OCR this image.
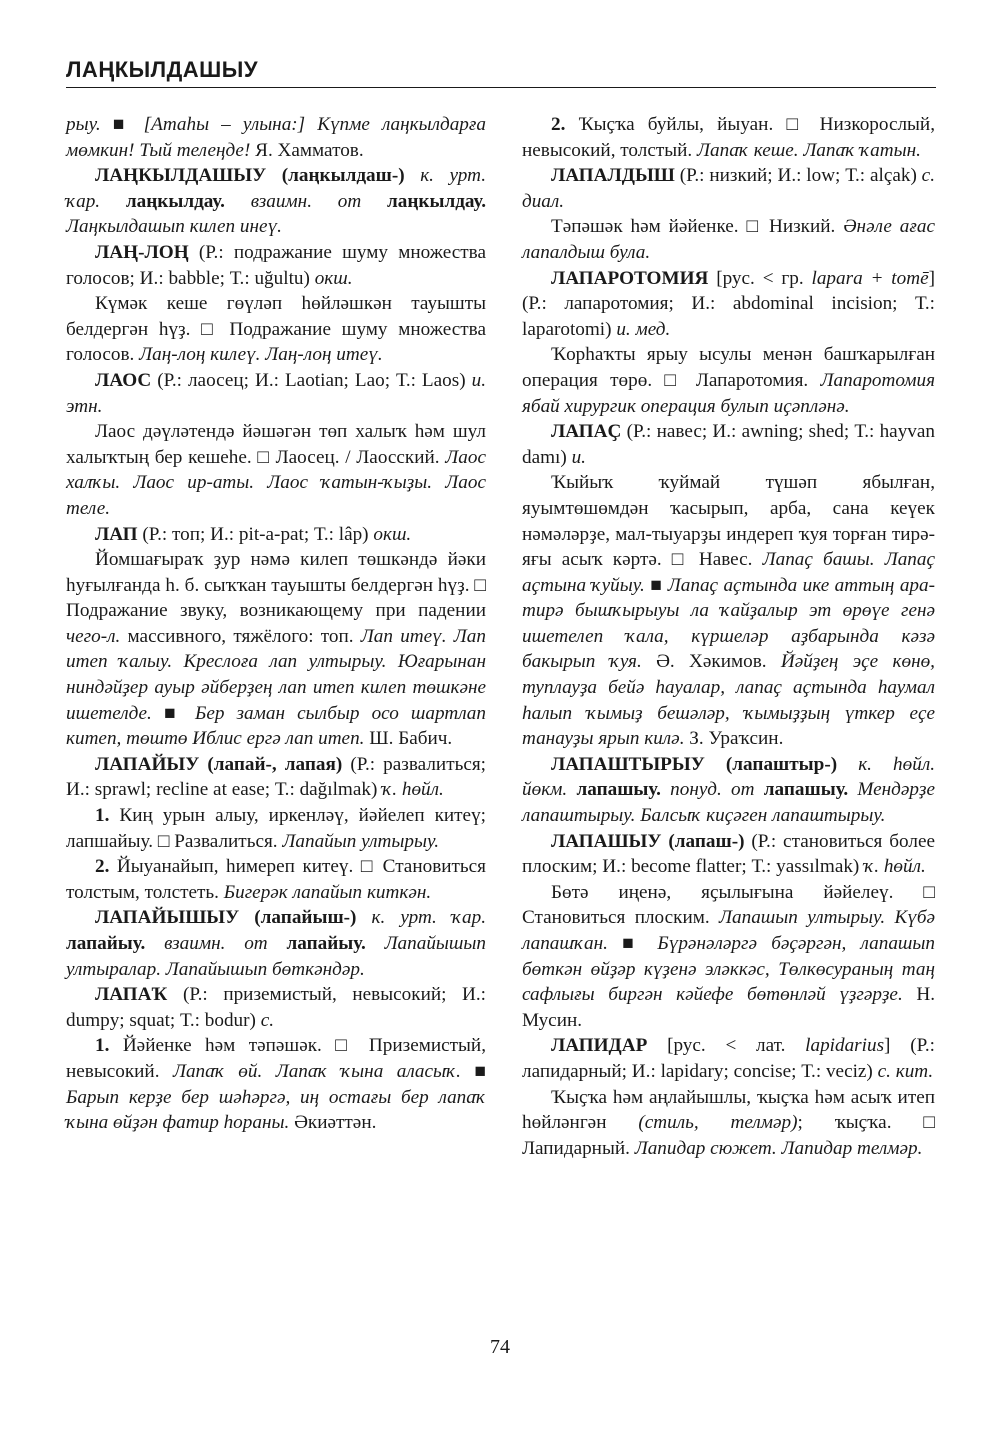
ЛАҢКЫЛДАШЫУ

рыу. ■ [Атаһы – улына:] Күпме лаңкылдарға мөмкин! Тый телеңде! Я. Хамматов.

ЛАҢКЫЛДАШЫУ (лаңкылдаш-) к. урт. ҡар. лаңкылдау. взаимн. от лаңкылдау. Лаңкылдашып килеп инеү.

ЛАҢ-ЛОҢ (Р.: подражание шуму множества голосов; И.: babble; Т.: uğultu) окш.

Күмәк кеше гөүләп һөйләшкән тауышты белдергән һүҙ. □ Подражание шуму множества голосов. Лаң-лоң килеү. Лаң-лоң итеү.

ЛАОС (Р.: лаосец; И.: Laotian; Lao; Т.: Laos) и. этн.

Лаос дәүләтендә йәшәгән төп халыҡ һәм шул халыҡтың бер кешеһе. □ Лаосец. / Лаосский. Лаос халҡы. Лаос ир-аты. Лаос ҡатын-ҡыҙы. Лаос теле.

ЛАП (Р.: топ; И.: pit-a-pat; Т.: lâp) окш.

Йомшағыраҡ ҙур нәмә килеп төшкәндә йәки һуғылғанда һ. б. сыҡҡан тауышты белдергән һүҙ. □ Подражание звуку, возникающему при падении чего-л. массивного, тяжёлого: топ. Лап итеү. Лап итеп ҡалыу. Креслоға лап ултырыу. Юғарынан ниндәйҙер ауыр әйберҙең лап итеп килеп төшкәне ишетелде. ■ Бер заман сылбыр осо шартлап китеп, төштө Иблис ергә лап итеп. Ш. Бабич.

ЛАПАЙЫУ (лапай-, лапая) (Р.: развалиться; И.: sprawl; recline at ease; Т.: dağılmak) ҡ. һөйл.

1. Киң урын алыу, иркенләү, йәйелеп китеү; лапшайыу. □ Развалиться. Лапайып ултырыу.

2. Йыуанайып, һимереп китеү. □ Становиться толстым, толстеть. Бигерәк лапайып киткән.

ЛАПАЙЫШЫУ (лапайыш-) к. урт. ҡар. лапайыу. взаимн. от лапайыу. Лапайышып ултыралар. Лапайышып бөткәндәр.

ЛАПАҠ (Р.: приземистый, невысокий; И.: dumpy; squat; Т.: bodur) с.

1. Йәйенке һәм тәпәшәк. □ Приземистый, невысокий. Лапаҡ өй. Лапаҡ ҡына аласыҡ. ■ Барып керҙе бер шәһәргә, иң остағы бер лапаҡ ҡына өйҙән фатир һораны. Әкиәттән.

2. Ҡыҫҡа буйлы, йыуан. □ Низкорослый, невысокий, толстый. Лапаҡ кеше. Лапаҡ ҡатын.

ЛАПАЛДЫШ (Р.: низкий; И.: low; Т.: alçak) с. диал.

Тәпәшәк һәм йәйенке. □ Низкий. Әнәле ағас лапалдыш була.

ЛАПАРОТОМИЯ [рус. < гр. lapara + tomē] (Р.: лапаротомия; И.: abdominal incision; Т.: laparotomi) и. мед.

Ҡорһаҡты ярыу ысулы менән башҡарылған операция төрө. □ Лапаротомия. Лапаротомия ябай хирургик операция булып иҫәпләнә.

ЛАПАҪ (Р.: навес; И.: awning; shed; Т.: hayvan damı) и.

Ҡыйыҡ ҡуймай түшәп ябылған, яуымтөшөмдән ҡасырып, арба, сана кеүек нәмәләрҙе, мал-тыуарҙы индереп ҡуя торған тирә-яғы асыҡ кәртә. □ Навес. Лапаҫ башы. Лапаҫ аҫтына ҡуйыу. ■ Лапаҫ аҫтында ике аттың ара-тирә бышҡырыуы ла ҡайҙалыр эт өрөүе генә ишетелеп ҡала, күршеләр аҙбарында кәзә бакырып ҡуя. Ә. Хәкимов. Йәйҙең эҫе көнө, туплауҙа бейә һауалар, лапаҫ аҫтында һаумал һалып ҡымыҙ бешәләр, ҡымыҙҙың үткер еҫе танауҙы ярып килә. З. Ураҡсин.

ЛАПАШТЫРЫУ (лапаштыр-) к. һөйл. йөкм. лапашыу. понуд. от лапашыу. Мендәрҙе лапаштырыу. Балсыҡ киҫәген лапаштырыу.

ЛАПАШЫУ (лапаш-) (Р.: становиться более плоским; И.: become flatter; Т.: yassılmak) ҡ. һөйл.

Бөтә иңенә, яҫылығына йәйелеү. □ Становиться плоским. Лапашып ултырыу. Күбә лапашҡан. ■ Бүрәнәләргә бәҫәргән, лапашып бөткән өйҙәр күҙенә эләккәс, Төлкөсураның таң сафлығы биргән кәйефе бөтөнләй үҙгәрҙе. Н. Мусин.

ЛАПИДАР [рус. < лат. lapidarius] (Р.: лапидарный; И.: lapidary; concise; Т.: veciz) с. кит.

Ҡыҫҡа һәм аңлайышлы, ҡыҫҡа һәм асыҡ итеп һөйләнгән (стиль, телмәр); ҡыҫҡа. □ Лапидарный. Лапидар сюжет. Лапидар телмәр.

74
